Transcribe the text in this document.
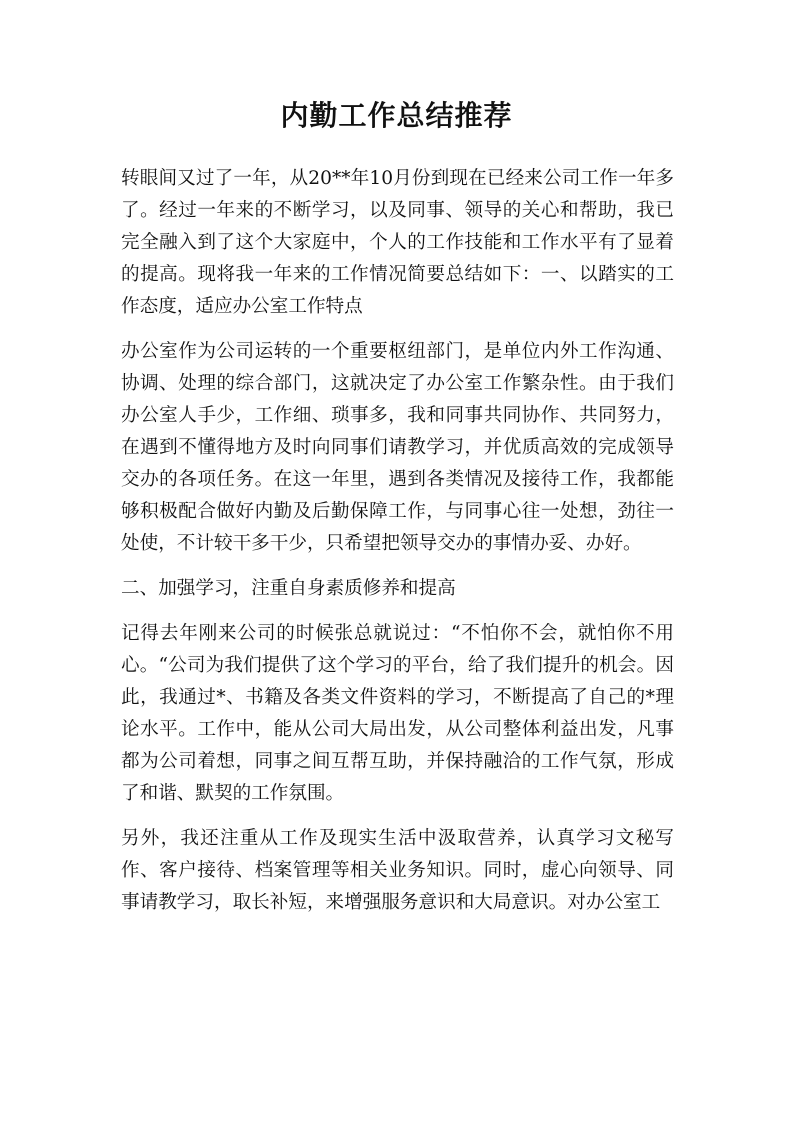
内勤工作总结推荐

转眼间又过了一年，从20**年10月份到现在已经来公司工作一年多了。经过一年来的不断学习，以及同事、领导的关心和帮助，我已完全融入到了这个大家庭中，个人的工作技能和工作水平有了显着的提高。现将我一年来的工作情况简要总结如下：一、以踏实的工作态度，适应办公室工作特点

办公室作为公司运转的一个重要枢纽部门，是单位内外工作沟通、协调、处理的综合部门，这就决定了办公室工作繁杂性。由于我们办公室人手少，工作细、琐事多，我和同事共同协作、共同努力，在遇到不懂得地方及时向同事们请教学习，并优质高效的完成领导交办的各项任务。在这一年里，遇到各类情况及接待工作，我都能够积极配合做好内勤及后勤保障工作，与同事心往一处想，劲往一处使，不计较干多干少，只希望把领导交办的事情办妥、办好。

二、加强学习，注重自身素质修养和提高

记得去年刚来公司的时候张总就说过：“不怕你不会，就怕你不用心。“公司为我们提供了这个学习的平台，给了我们提升的机会。因此，我通过*、书籍及各类文件资料的学习，不断提高了自己的*理论水平。工作中，能从公司大局出发，从公司整体利益出发，凡事都为公司着想，同事之间互帮互助，并保持融洽的工作气氛，形成了和谐、默契的工作氛围。

另外，我还注重从工作及现实生活中汲取营养，认真学习文秘写作、客户接待、档案管理等相关业务知识。同时，虚心向领导、同事请教学习，取长补短，来增强服务意识和大局意识。对办公室工
